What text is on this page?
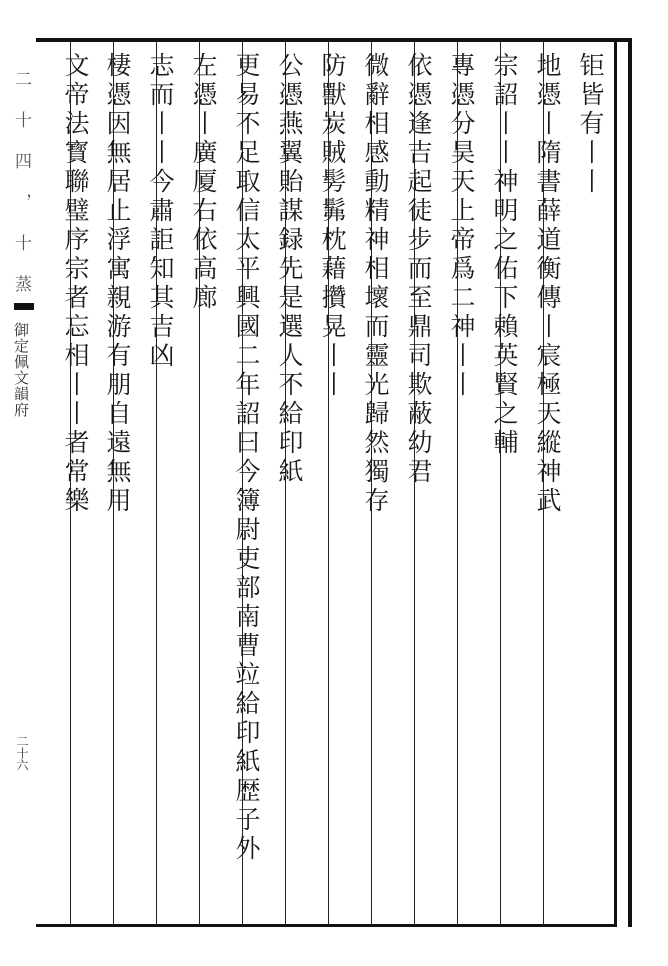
二 十 四 ， 十 蒸
御定佩文韻府
二十六
钜皆有丨丨
地憑丨隋書薛道衡傳丨宸極天縱神武
宗詔丨丨神明之佑下賴英賢之輔
專憑分昊天上帝爲二神丨丨
依憑逢吉起徒步而至鼎司欺蔽幼君
微辭相感動精神相壞而靈光歸然獨存
防獸炭賊髣髴枕藉攢晃丨丨
公憑燕翼貽謀録先是選人不給印紙
更易不足取信太平興國二年詔曰今簿尉吏部南曹竝給印紙歴子外
左憑丨廣厦右依高廊
志而丨丨今肅詎知其吉凶
棲憑因無居止浮寓親游有朋自遠無用
文帝法寳聯璧序宗者忘相丨丨者常樂
